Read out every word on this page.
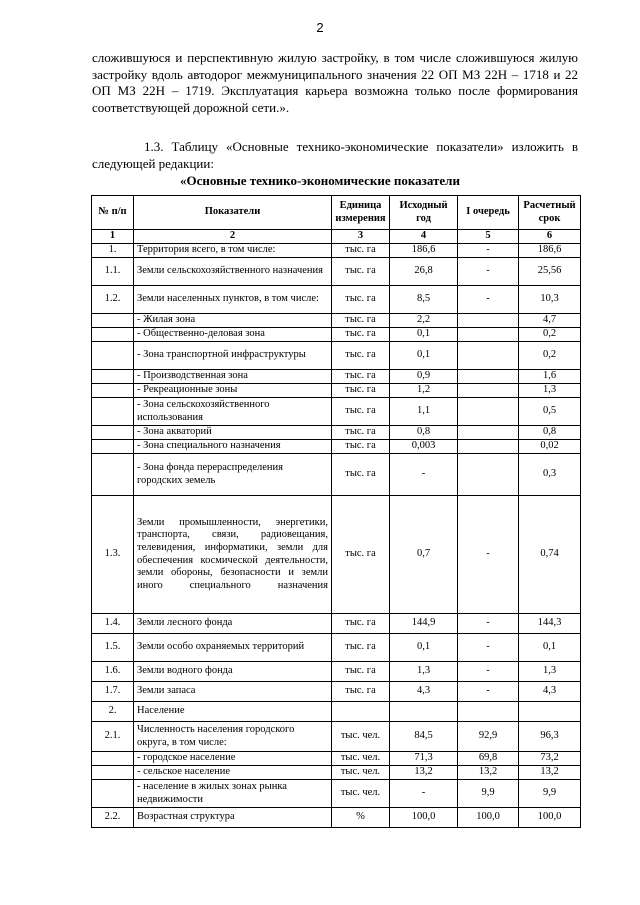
2
сложившуюся и перспективную жилую застройку, в том числе сложившуюся жилую застройку вдоль автодорог межмуниципального значения 22 ОП МЗ 22Н – 1718 и 22 ОП МЗ 22Н – 1719. Эксплуатация карьера возможна только после формирования соответствующей дорожной сети.».
1.3. Таблицу «Основные технико-экономические показатели» изложить в следующей редакции:
«Основные технико-экономические показатели
№ п/п	Показатели	Единица измерения	Исходный год	I очередь	Расчетный срок
1	2	3	4	5	6
1.	Территория всего, в том числе:	тыс. га	186,6	-	186,6
1.1.	Земли сельскохозяйственного назначения	тыс. га	26,8	-	25,56
1.2.	Земли населенных пунктов, в том числе:	тыс. га	8,5	-	10,3
	- Жилая зона	тыс. га	2,2		4,7
	- Общественно-деловая зона	тыс. га	0,1		0,2
	- Зона транспортной инфраструктуры	тыс. га	0,1		0,2
	- Производственная зона	тыс. га	0,9		1,6
	- Рекреационные зоны	тыс. га	1,2		1,3
	- Зона сельскохозяйственного использования	тыс. га	1,1		0,5
	- Зона акваторий	тыс. га	0,8		0,8
	- Зона специального назначения	тыс. га	0,003		0,02
	- Зона фонда перераспределения городских земель	тыс. га	-		0,3
1.3.	Земли промышленности, энергетики, транспорта, связи, радиовещания, телевидения, информатики, земли для обеспечения космической деятельности, земли обороны, безопасности и земли иного специального назначения	тыс. га	0,7	-	0,74
1.4.	Земли лесного фонда	тыс. га	144,9	-	144,3
1.5.	Земли особо охраняемых территорий	тыс. га	0,1	-	0,1
1.6.	Земли водного фонда	тыс. га	1,3	-	1,3
1.7.	Земли запаса	тыс. га	4,3	-	4,3
2.	Население				
2.1.	Численность населения городского округа, в том числе:	тыс. чел.	84,5	92,9	96,3
	- городское население	тыс. чел.	71,3	69,8	73,2
	- сельское население	тыс. чел.	13,2	13,2	13,2
	- население в жилых зонах рынка недвижимости	тыс. чел.	-	9,9	9,9
2.2.	Возрастная структура	%	100,0	100,0	100,0
